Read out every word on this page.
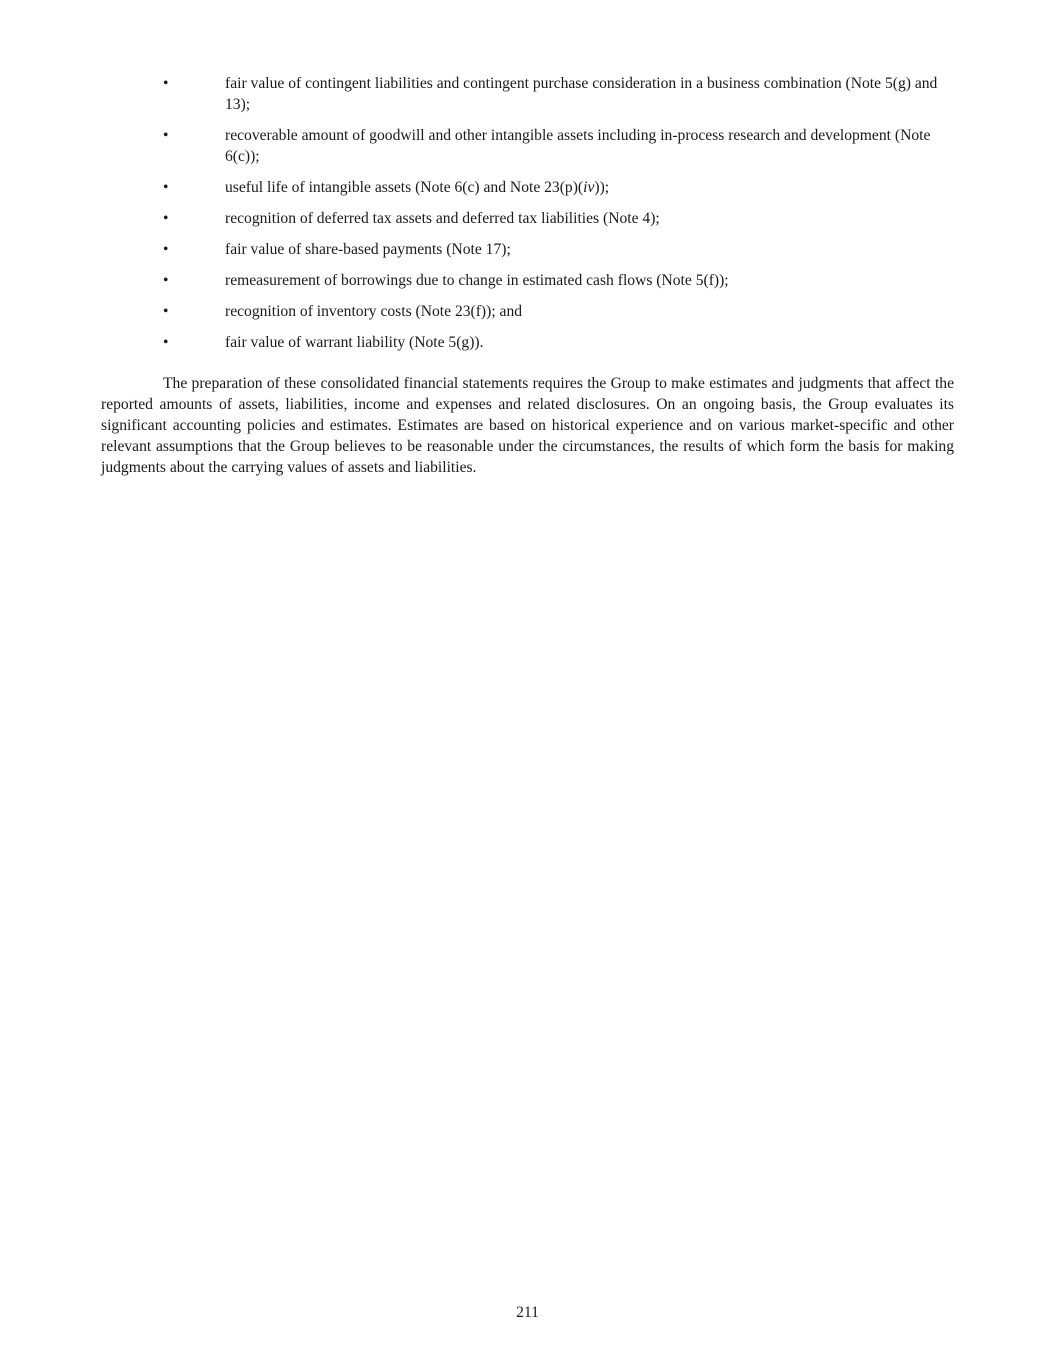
•	fair value of contingent liabilities and contingent purchase consideration in a business combination (Note 5(g) and 13);
•	recoverable amount of goodwill and other intangible assets including in-process research and development (Note 6(c));
•	useful life of intangible assets (Note 6(c) and Note 23(p)(iv));
•	recognition of deferred tax assets and deferred tax liabilities (Note 4);
•	fair value of share-based payments (Note 17);
•	remeasurement of borrowings due to change in estimated cash flows (Note 5(f));
•	recognition of inventory costs (Note 23(f)); and
•	fair value of warrant liability (Note 5(g)).

The preparation of these consolidated financial statements requires the Group to make estimates and judgments that affect the reported amounts of assets, liabilities, income and expenses and related disclosures. On an ongoing basis, the Group evaluates its significant accounting policies and estimates. Estimates are based on historical experience and on various market-specific and other relevant assumptions that the Group believes to be reasonable under the circumstances, the results of which form the basis for making judgments about the carrying values of assets and liabilities.

211
